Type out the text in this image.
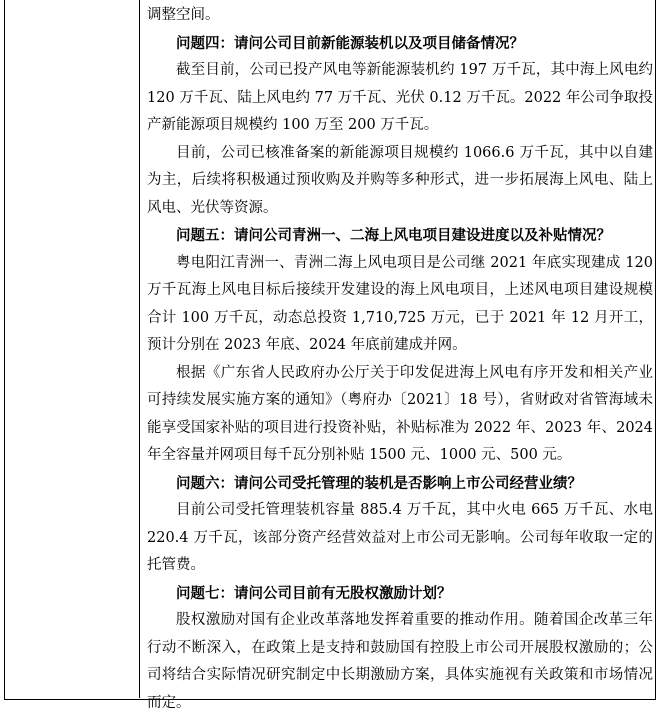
调整空间。

问题四：请问公司目前新能源装机以及项目储备情况？

截至目前，公司已投产风电等新能源装机约 197 万千瓦，其中海上风电约 120 万千瓦、陆上风电约 77 万千瓦、光伏 0.12 万千瓦。2022 年公司争取投产新能源项目规模约 100 万至 200 万千瓦。

目前，公司已核准备案的新能源项目规模约 1066.6 万千瓦，其中以自建为主，后续将积极通过预收购及并购等多种形式，进一步拓展海上风电、陆上风电、光伏等资源。

问题五：请问公司青洲一、二海上风电项目建设进度以及补贴情况？

粤电阳江青洲一、青洲二海上风电项目是公司继 2021 年底实现建成 120 万千瓦海上风电目标后接续开发建设的海上风电项目，上述风电项目建设规模合计 100 万千瓦，动态总投资 1,710,725 万元，已于 2021 年 12 月开工，预计分别在 2023 年底、2024 年底前建成并网。

根据《广东省人民政府办公厅关于印发促进海上风电有序开发和相关产业可持续发展实施方案的通知》（粤府办〔2021〕18 号），省财政对省管海域未能享受国家补贴的项目进行投资补贴，补贴标准为 2022 年、2023 年、2024 年全容量并网项目每千瓦分别补贴 1500 元、1000 元、500 元。

问题六：请问公司受托管理的装机是否影响上市公司经营业绩？

目前公司受托管理装机容量 885.4 万千瓦，其中火电 665 万千瓦、水电 220.4 万千瓦，该部分资产经营效益对上市公司无影响。公司每年收取一定的托管费。

问题七：请问公司目前有无股权激励计划？

股权激励对国有企业改革落地发挥着重要的推动作用。随着国企改革三年行动不断深入，在政策上是支持和鼓励国有控股上市公司开展股权激励的；公司将结合实际情况研究制定中长期激励方案，具体实施视有关政策和市场情况而定。
